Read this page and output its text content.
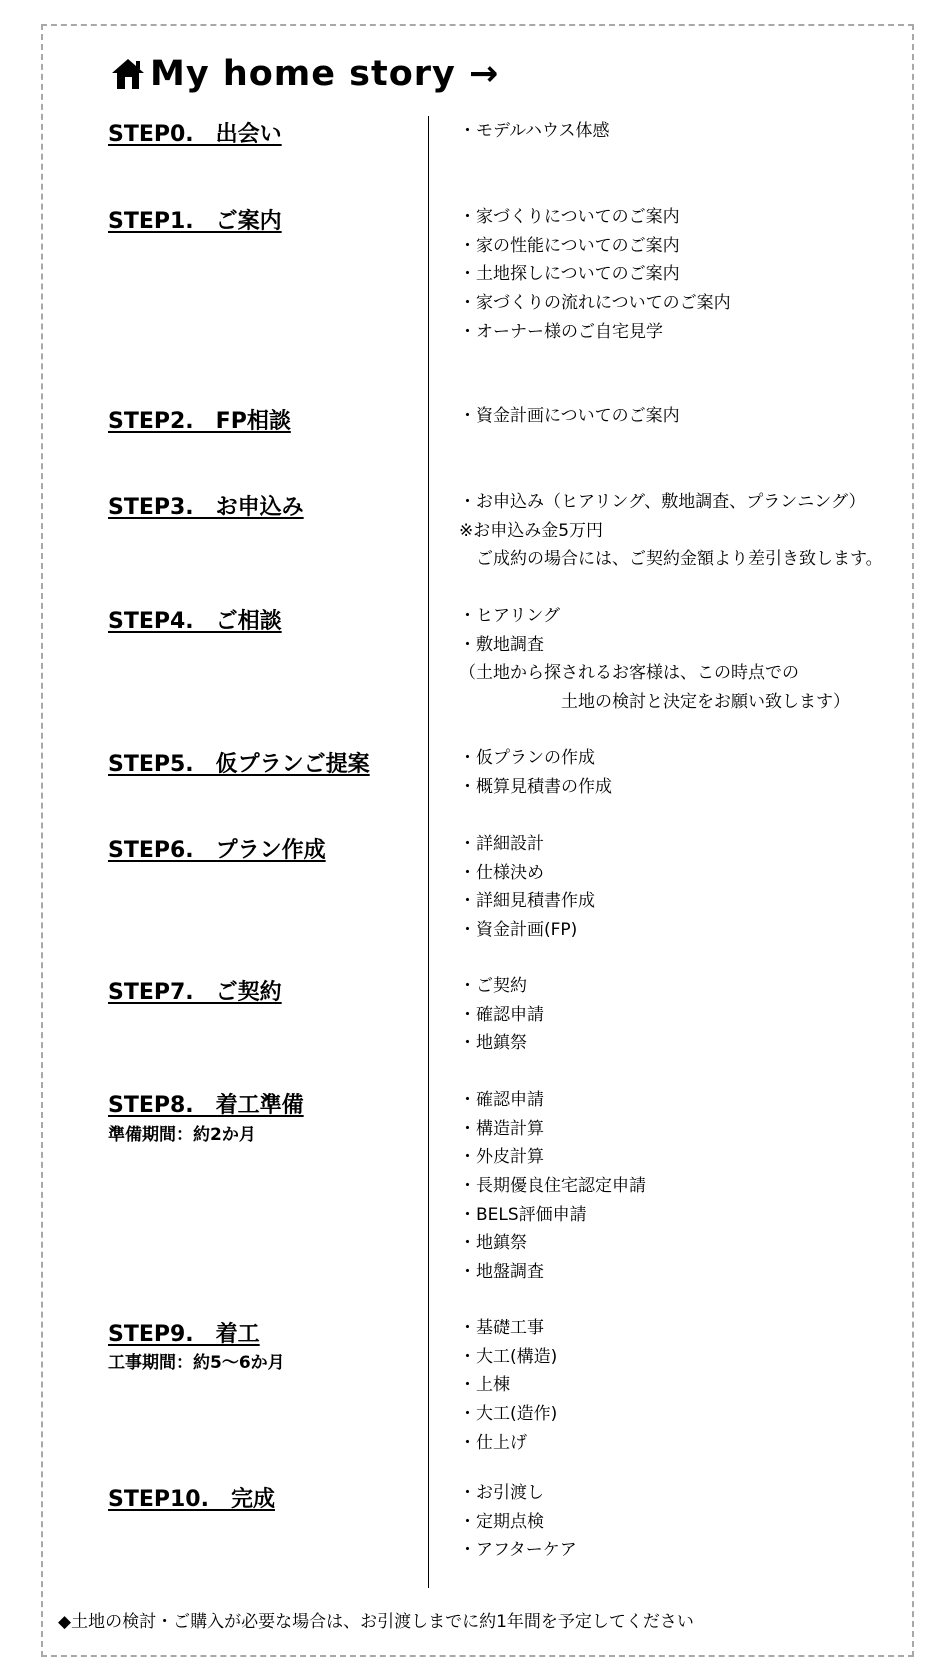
My home story →
STEP0.　出会い	・モデルハウス体感
STEP1.　ご案内	・家づくりについてのご案内
・家の性能についてのご案内
・土地探しについてのご案内
・家づくりの流れについてのご案内
・オーナー様のご自宅見学
STEP2.　FP相談	・資金計画についてのご案内
STEP3.　お申込み	・お申込み（ヒアリング、敷地調査、プランニング）
※お申込み金5万円
　ご成約の場合には、ご契約金額より差引き致します。
STEP4.　ご相談	・ヒアリング
・敷地調査
（土地から探されるお客様は、この時点での
　　　　　　土地の検討と決定をお願い致します）
STEP5.　仮プランご提案	・仮プランの作成
・概算見積書の作成
STEP6.　プラン作成	・詳細設計
・仕様決め
・詳細見積書作成
・資金計画(FP)
STEP7.　ご契約	・ご契約
・確認申請
・地鎮祭
STEP8.　着工準備
準備期間：約2か月
・確認申請
・構造計算
・外皮計算
・長期優良住宅認定申請
・BELS評価申請
・地鎮祭
・地盤調査
STEP9.　着工
工事期間：約5～6か月
・基礎工事
・大工(構造)
・上棟
・大工(造作)
・仕上げ
STEP10.　完成	・お引渡し
・定期点検
・アフターケア
◆土地の検討・ご購入が必要な場合は、お引渡しまでに約1年間を予定してください
